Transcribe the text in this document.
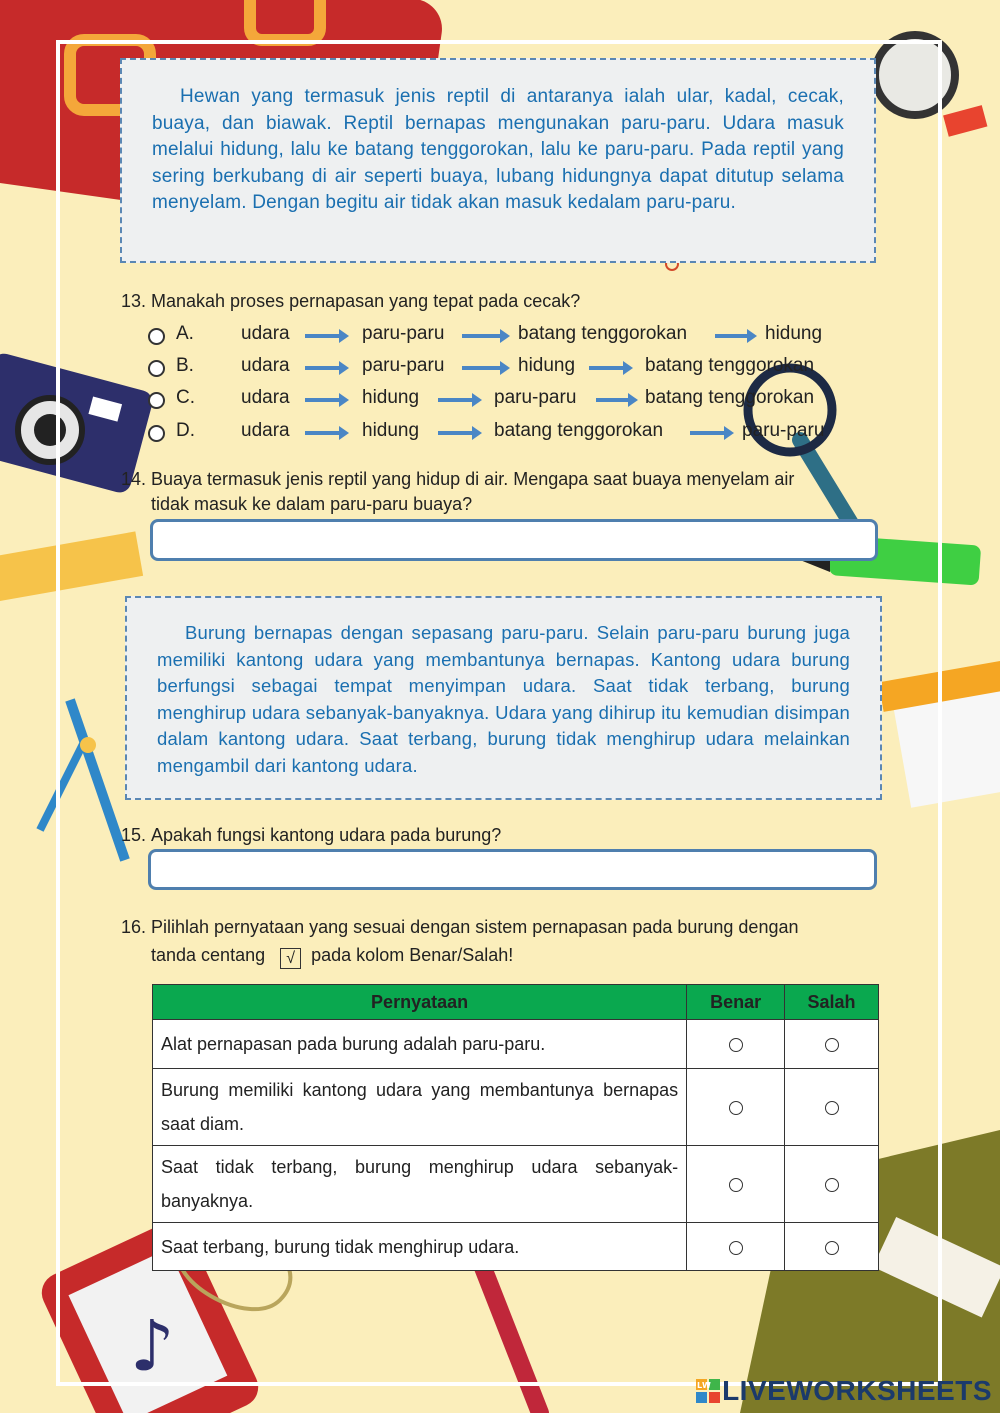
♪

Hewan yang termasuk jenis reptil di antaranya ialah ular, kadal, cecak, buaya, dan biawak. Reptil bernapas mengunakan paru-paru. Udara masuk melalui hidung, lalu ke batang tenggorokan, lalu ke paru-paru. Pada reptil yang sering berkubang di air seperti buaya, lubang hidungnya dapat ditutup selama menyelam. Dengan begitu air tidak akan masuk kedalam paru-paru.

13. Manakah proses pernapasan yang tepat pada cecak?
A. udara	paru-paru	batang tenggorokan	hidung
B. udara	paru-paru	hidung	batang tenggorokan
C. udara	hidung	paru-paru	batang tenggorokan
D. udara	hidung	batang tenggorokan	paru-paru
14. Buaya termasuk jenis reptil yang hidup di air. Mengapa saat buaya menyelam air
tidak masuk ke dalam paru-paru buaya?

Burung bernapas dengan sepasang paru-paru. Selain paru-paru burung juga memiliki kantong udara yang membantunya bernapas. Kantong udara burung berfungsi sebagai tempat menyimpan udara. Saat tidak terbang, burung menghirup udara sebanyak-banyaknya. Udara yang dihirup itu kemudian disimpan dalam kantong udara. Saat terbang, burung tidak menghirup udara melainkan mengambil dari kantong udara.

15. Apakah fungsi kantong udara pada burung?
16. Pilihlah pernyataan yang sesuai dengan sistem pernapasan pada burung dengan
tanda centang √ pada kolom Benar/Salah!
Pernyataan	Benar	Salah
Alat pernapasan pada burung adalah paru-paru.		
Burung memiliki kantong udara yang membantunya bernapas saat diam.		
Saat tidak terbang, burung menghirup udara sebanyak-banyaknya.		
Saat terbang, burung tidak menghirup udara.		
LW LIVEWORKSHEETS
